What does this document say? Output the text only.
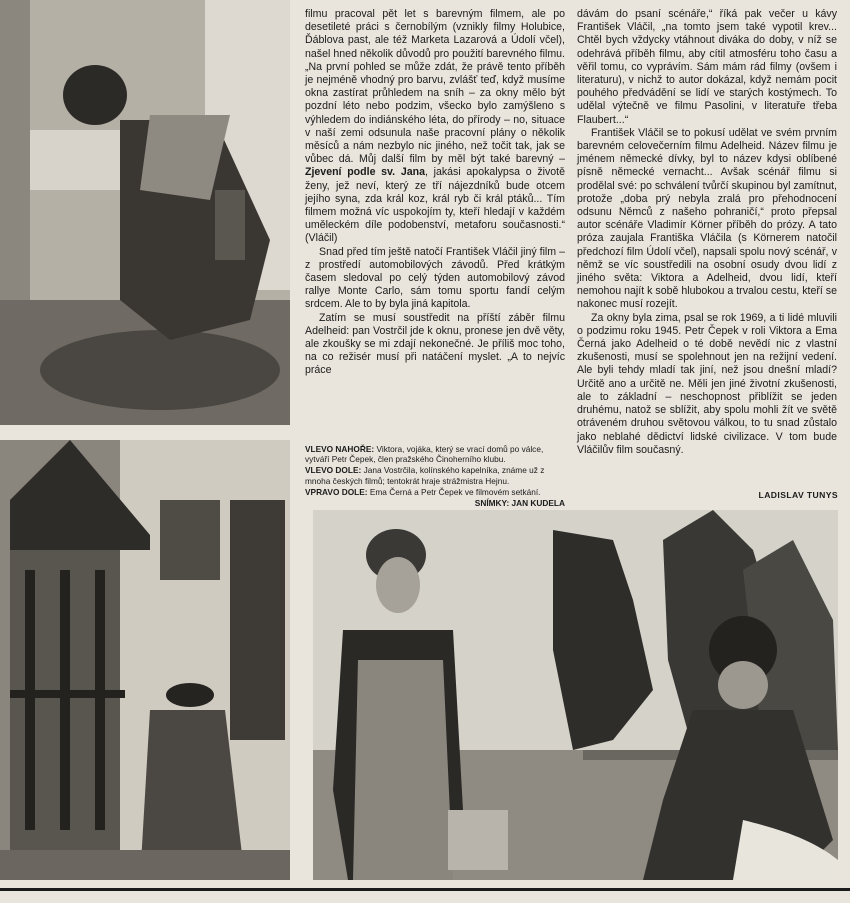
filmu pracoval pět let s barevným filmem, ale po desetileté práci s černobílým (vznikly filmy Holubice, Ďáblova past, ale též Marketa Lazarová a Údolí včel), našel hned několik důvodů pro použití barevného filmu. „Na první pohled se může zdát, že právě tento příběh je nejméně vhodný pro barvu, zvlášť teď, když musíme okna zastírat průhledem na sníh – za okny mělo být pozdní léto nebo podzim, všecko bylo zamýšleno s výhledem do indiánského léta, do přírody – no, situace v naší zemi odsunula naše pracovní plány o několik měsíců a nám nezbylo nic jiného, než točit tak, jak se vůbec dá. Můj další film by měl být také barevný – Zjevení podle sv. Jana, jakási apokalypsa o životě ženy, jež neví, který ze tří nájezdníků bude otcem jejího syna, zda král koz, král ryb či král ptáků... Tím filmem možná víc uspokojím ty, kteří hledají v každém uměleckém díle podobenství, metaforu současnosti.“ (Vláčil)

Snad před tím ještě natočí František Vláčil jiný film – z prostředí automobilových závodů. Před krátkým časem sledoval po celý týden automobilový závod rallye Monte Carlo, sám tomu sportu fandí celým srdcem. Ale to by byla jiná kapitola.

Zatím se musí soustředit na příští záběr filmu Adelheid: pan Vostrčil jde k oknu, pronese jen dvě věty, ale zkoušky se mi zdají nekonečné. Je příliš moc toho, na co režisér musí při natáčení myslet. „A to nejvíc práce

VLEVO NAHOŘE: Viktora, vojáka, který se vrací domů po válce, vytváří Petr Čepek, člen pražského Činoherního klubu.
VLEVO DOLE: Jana Vostrčila, kolínského kapelníka, známe už z mnoha českých filmů; tentokrát hraje strážmistra Hejnu.
VPRAVO DOLE: Ema Černá a Petr Čepek ve filmovém setkání.
SNÍMKY: JAN KUDELA

dávám do psaní scénáře,“ říká pak večer u kávy František Vláčil, „na tomto jsem také vypotil krev... Chtěl bych vždycky vtáhnout diváka do doby, v níž se odehrává příběh filmu, aby cítil atmosféru toho času a věřil tomu, co vyprávím. Sám mám rád filmy (ovšem i literaturu), v nichž to autor dokázal, když nemám pocit pouhého předvádění se lidí ve starých kostýmech. To udělal výtečně ve filmu Pasolini, v literatuře třeba Flaubert...“

František Vláčil se to pokusí udělat ve svém prvním barevném celovečerním filmu Adelheid. Název filmu je jménem německé dívky, byl to název kdysi oblíbené písně německé vernacht... Avšak scénář filmu si prodělal své: po schválení tvůrčí skupinou byl zamítnut, protože „doba prý nebyla zralá pro přehodnocení odsunu Němců z našeho pohraničí,“ proto přepsal autor scénáře Vladimír Körner příběh do prózy. A tato próza zaujala Františka Vláčila (s Körnerem natočil předchozí film Údolí včel), napsali spolu nový scénář, v němž se víc soustředili na osobní osudy dvou lidí z jiného světa: Viktora a Adelheid, dvou lidí, kteří nemohou najít k sobě hlubokou a trvalou cestu, kteří se nakonec musí rozejít.

Za okny byla zima, psal se rok 1969, a ti lidé mluvili o podzimu roku 1945. Petr Čepek v roli Viktora a Ema Černá jako Adelheid o té době nevědí nic z vlastní zkušenosti, musí se spolehnout jen na režijní vedení. Ale byli tehdy mladí tak jiní, než jsou dnešní mladí? Určitě ano a určitě ne. Měli jen jiné životní zkušenosti, ale to základní – neschopnost přiblížit se jeden druhému, natož se sblížit, aby spolu mohli žít ve světě otráveném druhou světovou válkou, to tu snad zůstalo jako neblahé dědictví lidské civilizace. V tom bude Vláčilův film současný.

LADISLAV TUNYS
